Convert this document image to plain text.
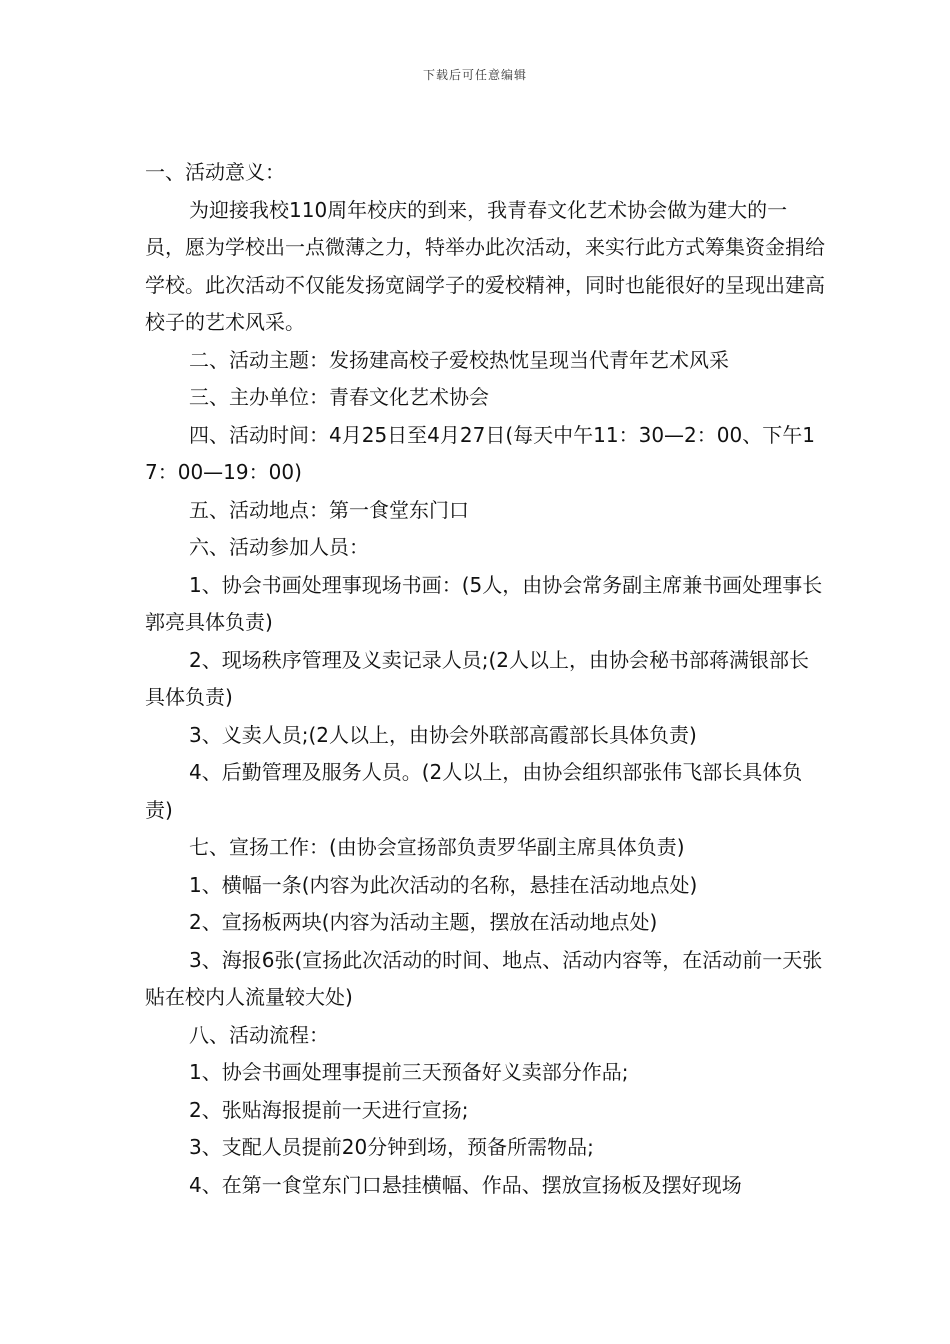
下载后可任意编辑

一、活动意义：

为迎接我校110周年校庆的到来，我青春文化艺术协会做为建大的一员，愿为学校出一点微薄之力，特举办此次活动，来实行此方式筹集资金捐给学校。此次活动不仅能发扬宽阔学子的爱校精神，同时也能很好的呈现出建高校子的艺术风采。

二、活动主题：发扬建高校子爱校热忱呈现当代青年艺术风采

三、主办单位：青春文化艺术协会

四、活动时间：4月25日至4月27日(每天中午11：30—2：00、下午17：00—19：00)

五、活动地点：第一食堂东门口

六、活动参加人员：

1、协会书画处理事现场书画：(5人，由协会常务副主席兼书画处理事长郭亮具体负责)

2、现场秩序管理及义卖记录人员;(2人以上，由协会秘书部蒋满银部长具体负责)

3、义卖人员;(2人以上，由协会外联部高霞部长具体负责)

4、后勤管理及服务人员。(2人以上，由协会组织部张伟飞部长具体负责)

七、宣扬工作：(由协会宣扬部负责罗华副主席具体负责)

1、横幅一条(内容为此次活动的名称，悬挂在活动地点处)

2、宣扬板两块(内容为活动主题，摆放在活动地点处)

3、海报6张(宣扬此次活动的时间、地点、活动内容等，在活动前一天张贴在校内人流量较大处)

八、活动流程：

1、协会书画处理事提前三天预备好义卖部分作品;

2、张贴海报提前一天进行宣扬;

3、支配人员提前20分钟到场，预备所需物品;

4、在第一食堂东门口悬挂横幅、作品、摆放宣扬板及摆好现场
